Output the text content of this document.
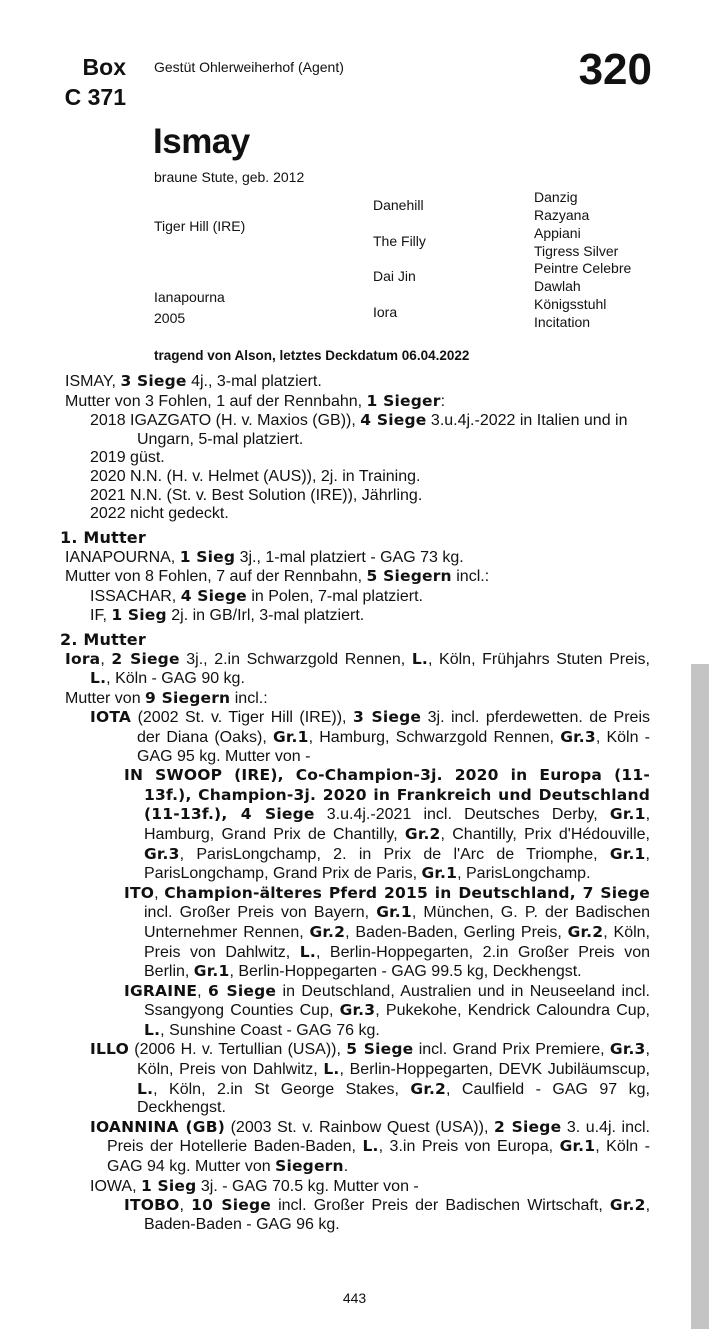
Box
C 371
Gestüt Ohlerweiherhof (Agent)	320
Ismay
braune Stute, geb. 2012
Tiger Hill (IRE)
Ianapourna
2005
Danehill
The Filly
Dai Jin
Iora
Danzig
Razyana
Appiani
Tigress Silver
Peintre Celebre
Dawlah
Königsstuhl
Incitation
tragend von Alson, letztes Deckdatum 06.04.2022

ISMAY, 3 Siege 4j., 3-mal platziert.

Mutter von 3 Fohlen, 1 auf der Rennbahn, 1 Sieger:

2018 IGAZGATO (H. v. Maxios (GB)), 4 Siege 3.u.4j.-2022 in Italien und in Ungarn, 5-mal platziert.

2019 güst.

2020 N.N. (H. v. Helmet (AUS)), 2j. in Training.

2021 N.N. (St. v. Best Solution (IRE)), Jährling.

2022 nicht gedeckt.

1. Mutter

IANAPOURNA, 1 Sieg 3j., 1-mal platziert - GAG 73 kg.

Mutter von 8 Fohlen, 7 auf der Rennbahn, 5 Siegern incl.:

ISSACHAR, 4 Siege in Polen, 7-mal platziert.

IF, 1 Sieg 2j. in GB/Irl, 3-mal platziert.

2. Mutter

Iora, 2 Siege 3j., 2.in Schwarzgold Rennen, L., Köln, Frühjahrs Stuten Preis, L., Köln - GAG 90 kg.

Mutter von 9 Siegern incl.:

IOTA (2002 St. v. Tiger Hill (IRE)), 3 Siege 3j. incl. pferdewetten. de Preis der Diana (Oaks), Gr.1, Hamburg, Schwarzgold Rennen, Gr.3, Köln - GAG 95 kg. Mutter von -

IN SWOOP (IRE), Co-Champion-3j. 2020 in Europa (11-13f.), Champion-3j. 2020 in Frankreich und Deutschland (11-13f.), 4 Siege 3.u.4j.-2021 incl. Deutsches Derby, Gr.1, Hamburg, Grand Prix de Chantilly, Gr.2, Chantilly, Prix d'Hédouville, Gr.3, ParisLongchamp, 2. in Prix de l'Arc de Triomphe, Gr.1, ParisLongchamp, Grand Prix de Paris, Gr.1, ParisLongchamp.

ITO, Champion-älteres Pferd 2015 in Deutschland, 7 Siege incl. Großer Preis von Bayern, Gr.1, München, G. P. der Badischen Unternehmer Rennen, Gr.2, Baden-Baden, Gerling Preis, Gr.2, Köln, Preis von Dahlwitz, L., Berlin-Hoppegarten, 2.in Großer Preis von Berlin, Gr.1, Berlin-Hoppegarten - GAG 99.5 kg, Deckhengst.

IGRAINE, 6 Siege in Deutschland, Australien und in Neuseeland incl. Ssangyong Counties Cup, Gr.3, Pukekohe, Kendrick Caloundra Cup, L., Sunshine Coast - GAG 76 kg.

ILLO (2006 H. v. Tertullian (USA)), 5 Siege incl. Grand Prix Premiere, Gr.3, Köln, Preis von Dahlwitz, L., Berlin-Hoppegarten, DEVK Jubiläumscup, L., Köln, 2.in St George Stakes, Gr.2, Caulfield - GAG 97 kg, Deckhengst.

IOANNINA (GB) (2003 St. v. Rainbow Quest (USA)), 2 Siege 3. u.4j. incl. Preis der Hotellerie Baden-Baden, L., 3.in Preis von Europa, Gr.1, Köln - GAG 94 kg. Mutter von Siegern.

IOWA, 1 Sieg 3j. - GAG 70.5 kg. Mutter von -

ITOBO, 10 Siege incl. Großer Preis der Badischen Wirtschaft, Gr.2, Baden-Baden - GAG 96 kg.

443
